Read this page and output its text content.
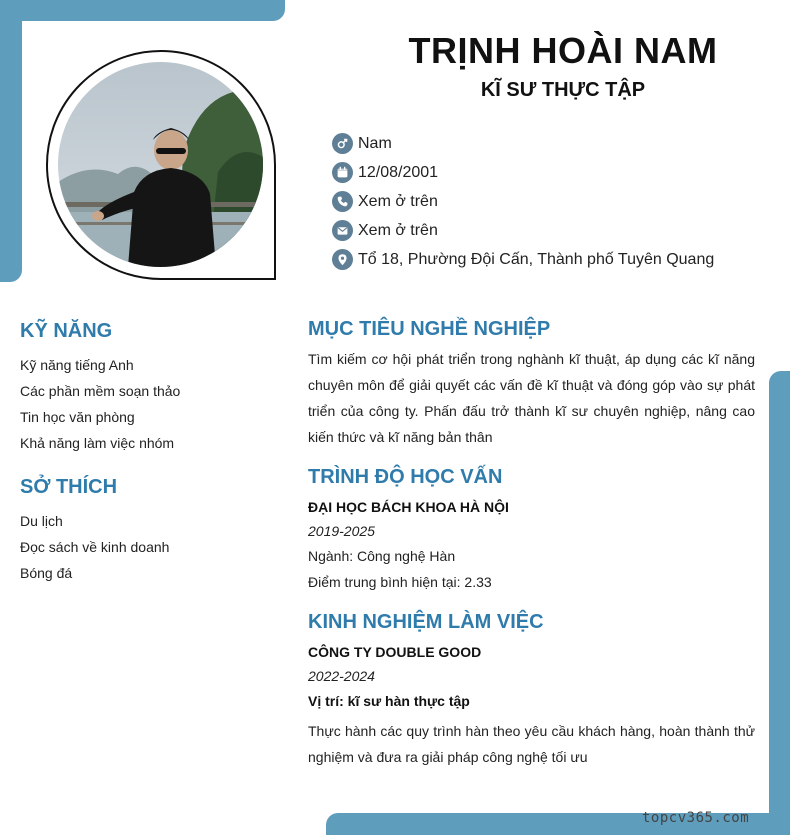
TRỊNH HOÀI NAM
KĨ SƯ THỰC TẬP
Nam
12/08/2001
Xem ở trên
Xem ở trên
Tổ 18, Phường Đội Cấn, Thành phố Tuyên Quang
KỸ NĂNG
Kỹ năng tiếng Anh
Các phần mềm soạn thảo
Tin học văn phòng
Khả năng làm việc nhóm
SỞ THÍCH
Du lịch
Đọc sách về kinh doanh
Bóng đá
MỤC TIÊU NGHỀ NGHIỆP

Tìm kiếm cơ hội phát triển trong nghành kĩ thuật, áp dụng các kĩ năng chuyên môn để giải quyết các vấn đề kĩ thuật và đóng góp vào sự phát triển của công ty. Phấn đấu trở thành kĩ sư chuyên nghiệp, nâng cao kiến thức và kĩ năng bản thân

TRÌNH ĐỘ HỌC VẤN
ĐẠI HỌC BÁCH KHOA HÀ NỘI
2019-2025
Ngành: Công nghệ Hàn
Điểm trung bình hiện tại: 2.33
KINH NGHIỆM LÀM VIỆC
CÔNG TY DOUBLE GOOD
2022-2024
Vị trí: kĩ sư hàn thực tập

Thực hành các quy trình hàn theo yêu cầu khách hàng, hoàn thành thử nghiệm và đưa ra giải pháp công nghệ tối ưu

topcv365.com
